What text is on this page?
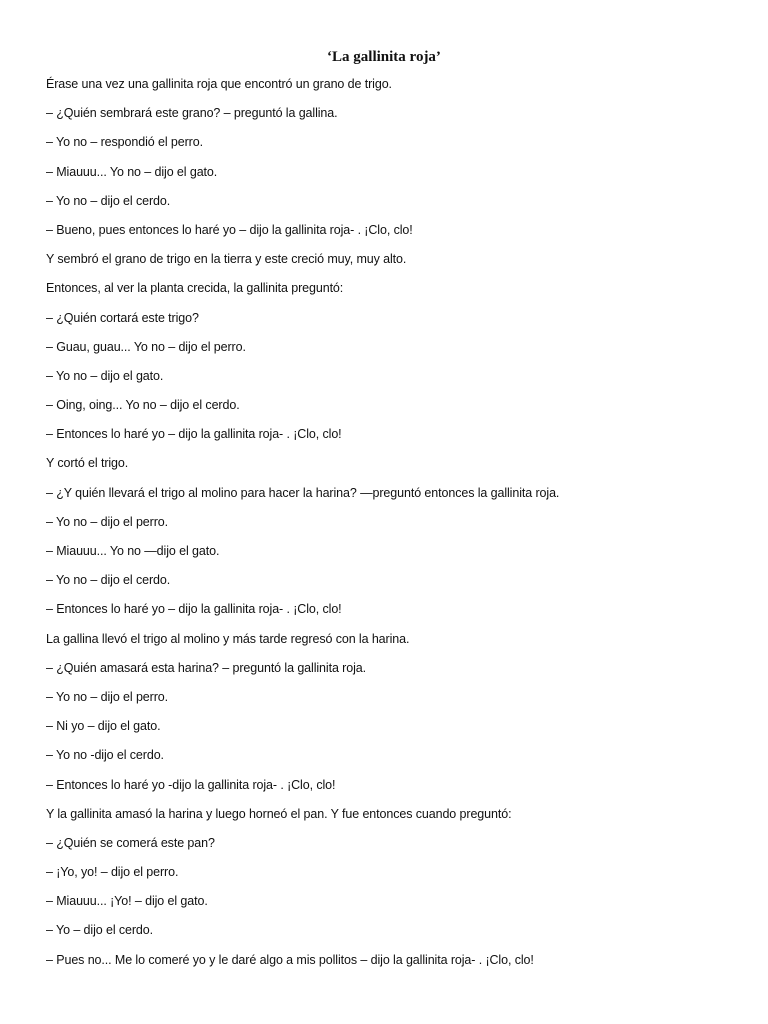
‘La gallinita roja’
Érase una vez una gallinita roja que encontró un grano de trigo.
– ¿Quién sembrará este grano? – preguntó la gallina.
– Yo no – respondió el perro.
– Miauuu... Yo no – dijo el gato.
– Yo no – dijo el cerdo.
– Bueno, pues entonces lo haré yo – dijo la gallinita roja- . ¡Clo, clo!
Y sembró el grano de trigo en la tierra y este creció muy, muy alto.
Entonces, al ver la planta crecida, la gallinita preguntó:
– ¿Quién cortará este trigo?
– Guau, guau... Yo no – dijo el perro.
– Yo no – dijo el gato.
– Oing, oing... Yo no – dijo el cerdo.
– Entonces lo haré yo – dijo la gallinita roja- . ¡Clo, clo!
Y cortó el trigo.
– ¿Y quién llevará el trigo al molino para hacer la harina? —preguntó entonces la gallinita roja.
– Yo no – dijo el perro.
– Miauuu... Yo no —dijo el gato.
– Yo no – dijo el cerdo.
– Entonces lo haré yo – dijo la gallinita roja- . ¡Clo, clo!
La gallina llevó el trigo al molino y más tarde regresó con la harina.
– ¿Quién amasará esta harina? – preguntó la gallinita roja.
– Yo no – dijo el perro.
– Ni yo – dijo el gato.
– Yo no -dijo el cerdo.
– Entonces lo haré yo -dijo la gallinita roja- . ¡Clo, clo!
Y la gallinita amasó la harina y luego horneó el pan. Y fue entonces cuando preguntó:
– ¿Quién se comerá este pan?
– ¡Yo, yo! – dijo el perro.
– Miauuu... ¡Yo! – dijo el gato.
– Yo – dijo el cerdo.
– Pues no... Me lo comeré yo y le daré algo a mis pollitos – dijo la gallinita roja- . ¡Clo, clo!
